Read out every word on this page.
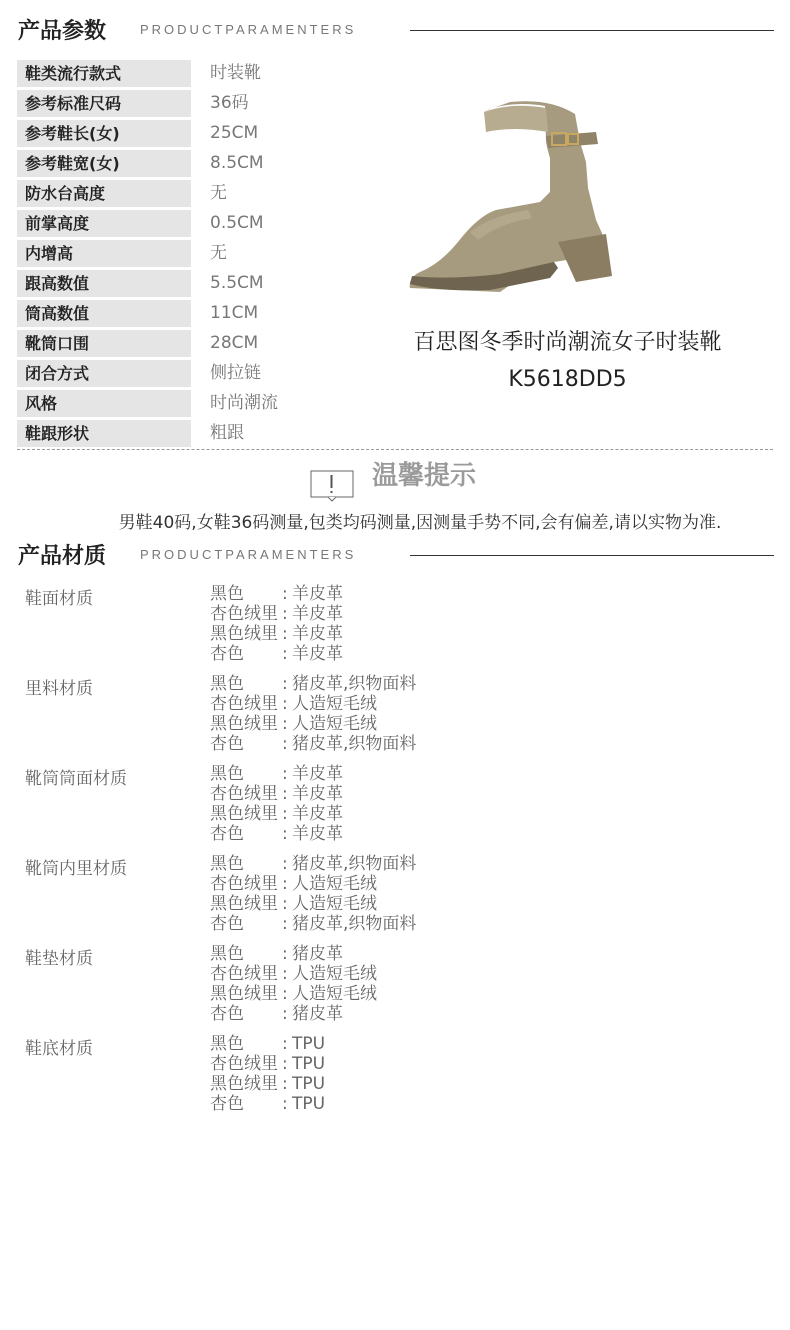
产品参数	PRODUCTPARAMENTERS
鞋类流行款式	时装靴
参考标准尺码	36码
参考鞋长(女)	25CM
参考鞋宽(女)	8.5CM
防水台高度	无
前掌高度	0.5CM
内增高	无
跟高数值	5.5CM
筒高数值	11CM
靴筒口围	28CM
闭合方式	侧拉链
风格	时尚潮流
鞋跟形状	粗跟
百思图冬季时尚潮流女子时装靴
K5618DD5
温馨提示
男鞋40码,女鞋36码测量,包类均码测量,因测量手势不同,会有偏差,请以实物为准.
产品材质	PRODUCTPARAMENTERS
鞋面材质	黑色 : 羊皮革
杏色绒里 : 羊皮革
黑色绒里 : 羊皮革
杏色 : 羊皮革
里料材质	黑色 : 猪皮革,织物面料
杏色绒里 : 人造短毛绒
黑色绒里 : 人造短毛绒
杏色 : 猪皮革,织物面料
靴筒筒面材质	黑色 : 羊皮革
杏色绒里 : 羊皮革
黑色绒里 : 羊皮革
杏色 : 羊皮革
靴筒内里材质	黑色 : 猪皮革,织物面料
杏色绒里 : 人造短毛绒
黑色绒里 : 人造短毛绒
杏色 : 猪皮革,织物面料
鞋垫材质	黑色 : 猪皮革
杏色绒里 : 人造短毛绒
黑色绒里 : 人造短毛绒
杏色 : 猪皮革
鞋底材质	黑色 : TPU
杏色绒里 : TPU
黑色绒里 : TPU
杏色 : TPU
